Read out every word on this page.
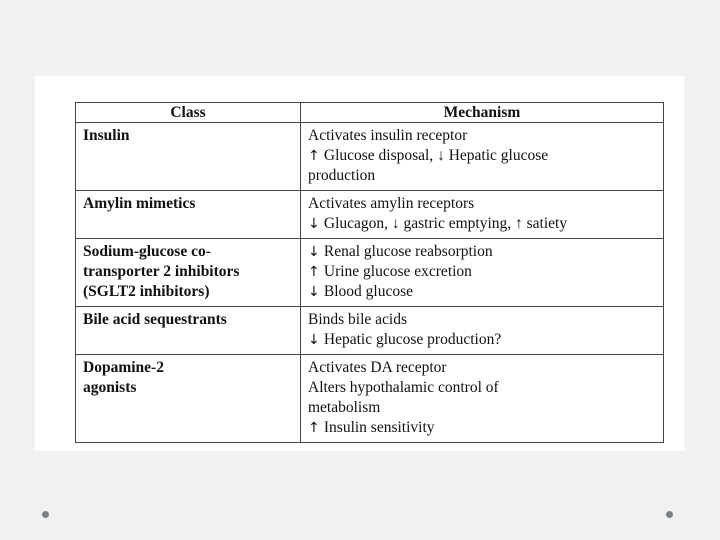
Class	Mechanism

Insulin	Activates insulin receptor
↑ Glucose disposal, ↓ Hepatic glucose
production

Amylin mimetics	Activates amylin receptors
↓ Glucagon, ↓ gastric emptying, ↑ satiety

Sodium-glucose co-
transporter 2 inhibitors
(SGLT2 inhibitors)	↓ Renal glucose reabsorption
↑ Urine glucose excretion
↓ Blood glucose

Bile acid sequestrants	Binds bile acids
↓ Hepatic glucose production?

Dopamine-2
agonists	Activates DA receptor
Alters hypothalamic control of
metabolism
↑ Insulin sensitivity
